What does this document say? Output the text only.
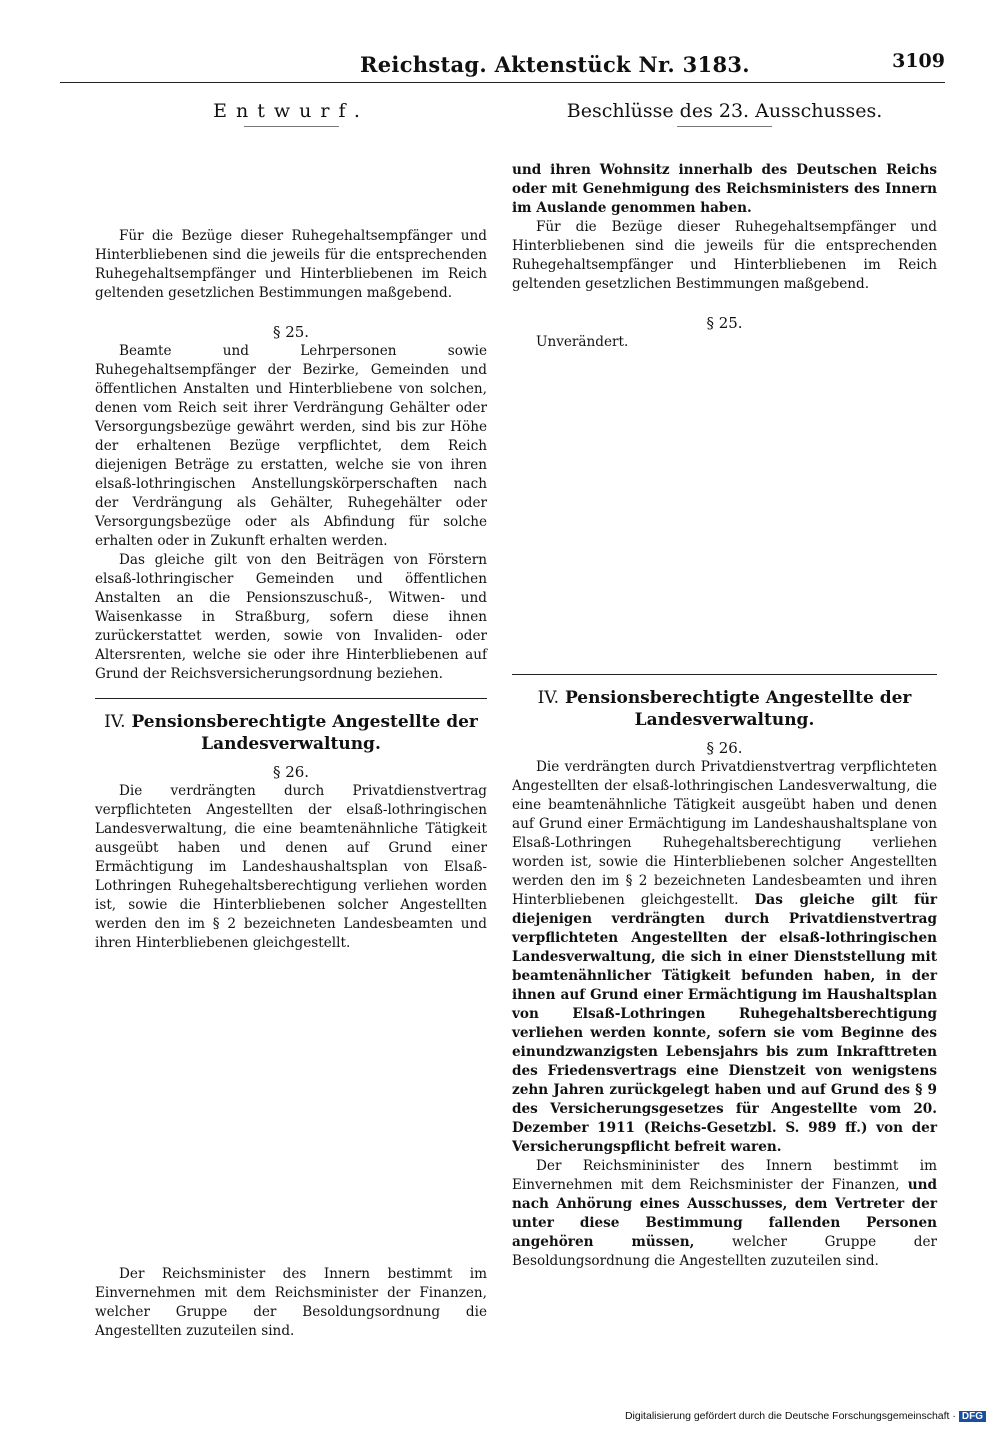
Reichstag. Aktenstück Nr. 3183.	3109
Entwurf.

Für die Bezüge dieser Ruhegehaltsempfänger und Hinterbliebenen sind die jeweils für die entsprechenden Ruhegehaltsempfänger und Hinterbliebenen im Reich geltenden gesetzlichen Bestimmungen maßgebend.

§ 25.

Beamte und Lehrpersonen sowie Ruhegehaltsempfänger der Bezirke, Gemeinden und öffentlichen Anstalten und Hinterbliebene von solchen, denen vom Reich seit ihrer Verdrängung Gehälter oder Versorgungsbezüge gewährt werden, sind bis zur Höhe der erhaltenen Bezüge verpflichtet, dem Reich diejenigen Beträge zu erstatten, welche sie von ihren elsaß-lothringischen Anstellungskörperschaften nach der Verdrängung als Gehälter, Ruhegehälter oder Versorgungsbezüge oder als Abfindung für solche erhalten oder in Zukunft erhalten werden.

Das gleiche gilt von den Beiträgen von Förstern elsaß-lothringischer Gemeinden und öffentlichen Anstalten an die Pensionszuschuß-, Witwen- und Waisenkasse in Straßburg, sofern diese ihnen zurückerstattet werden, sowie von Invaliden- oder Altersrenten, welche sie oder ihre Hinterbliebenen auf Grund der Reichsversicherungsordnung beziehen.

IV. Pensionsberechtigte Angestellte der Landesverwaltung.

§ 26.

Die verdrängten durch Privatdienstvertrag verpflichteten Angestellten der elsaß-lothringischen Landesverwaltung, die eine beamtenähnliche Tätigkeit ausgeübt haben und denen auf Grund einer Ermächtigung im Landeshaushaltsplan von Elsaß-Lothringen Ruhegehaltsberechtigung verliehen worden ist, sowie die Hinterbliebenen solcher Angestellten werden den im § 2 bezeichneten Landesbeamten und ihren Hinterbliebenen gleichgestellt.

Der Reichsminister des Innern bestimmt im Einvernehmen mit dem Reichsminister der Finanzen, welcher Gruppe der Besoldungsordnung die Angestellten zuzuteilen sind.

Beschlüsse des 23. Ausschusses.

und ihren Wohnsitz innerhalb des Deutschen Reichs oder mit Genehmigung des Reichsministers des Innern im Auslande genommen haben.

Für die Bezüge dieser Ruhegehaltsempfänger und Hinterbliebenen sind die jeweils für die entsprechenden Ruhegehaltsempfänger und Hinterbliebenen im Reich geltenden gesetzlichen Bestimmungen maßgebend.

§ 25.

Unverändert.

IV. Pensionsberechtigte Angestellte der Landesverwaltung.

§ 26.

Die verdrängten durch Privatdienstvertrag verpflichteten Angestellten der elsaß-lothringischen Landesverwaltung, die eine beamtenähnliche Tätigkeit ausgeübt haben und denen auf Grund einer Ermächtigung im Landeshaushaltsplane von Elsaß-Lothringen Ruhegehaltsberechtigung verliehen worden ist, sowie die Hinterbliebenen solcher Angestellten werden den im § 2 bezeichneten Landesbeamten und ihren Hinterbliebenen gleichgestellt. Das gleiche gilt für diejenigen verdrängten durch Privatdienstvertrag verpflichteten Angestellten der elsaß-lothringischen Landesverwaltung, die sich in einer Dienststellung mit beamtenähnlicher Tätigkeit befunden haben, in der ihnen auf Grund einer Ermächtigung im Haushaltsplan von Elsaß-Lothringen Ruhegehaltsberechtigung verliehen werden konnte, sofern sie vom Beginne des einundzwanzigsten Lebensjahrs bis zum Inkrafttreten des Friedensvertrags eine Dienstzeit von wenigstens zehn Jahren zurückgelegt haben und auf Grund des § 9 des Versicherungsgesetzes für Angestellte vom 20. Dezember 1911 (Reichs-Gesetzbl. S. 989 ff.) von der Versicherungspflicht befreit waren.

Der Reichsmininister des Innern bestimmt im Einvernehmen mit dem Reichsminister der Finanzen, und nach Anhörung eines Ausschusses, dem Vertreter der unter diese Bestimmung fallenden Personen angehören müssen,	welcher Gruppe der Besoldungsordnung die Angestellten zuzuteilen sind.

Digitalisierung gefördert durch die Deutsche Forschungsgemeinschaft · DFG
